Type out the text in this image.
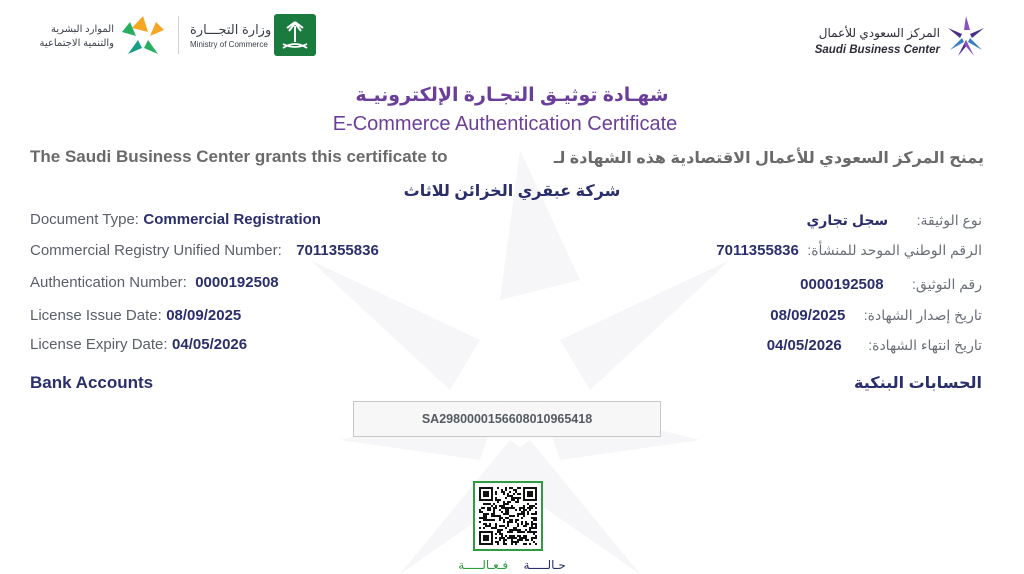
الموارد البشرية
والتنمية الاجتماعية
وزارة التجـــارة
Ministry of Commerce
المركز السعودي للأعمال
Saudi Business Center
شهـادة توثيـق التجـارة الإلكترونيـة
E-Commerce Authentication Certificate
The Saudi Business Center grants this certificate to	يمنح المركز السعودي للأعمال الاقتصادية هذه الشهادة لـ
شركة عبقري الخزائن للاثاث
Document Type: Commercial Registration
Commercial Registry Unified Number: 7011355836
Authentication Number: 0000192508
License Issue Date: 08/09/2025
License Expiry Date: 04/05/2026
نوع الوثيقة: سجل تجاري
الرقم الوطني الموحد للمنشأة: 7011355836
رقم التوثيق: 0000192508
تاريخ إصدار الشهادة: 08/09/2025
تاريخ انتهاء الشهادة: 04/05/2026
Bank Accounts	الحسابات البنكية
SA2980000156608010965418
حـالـــــة فـعـالـــــة
